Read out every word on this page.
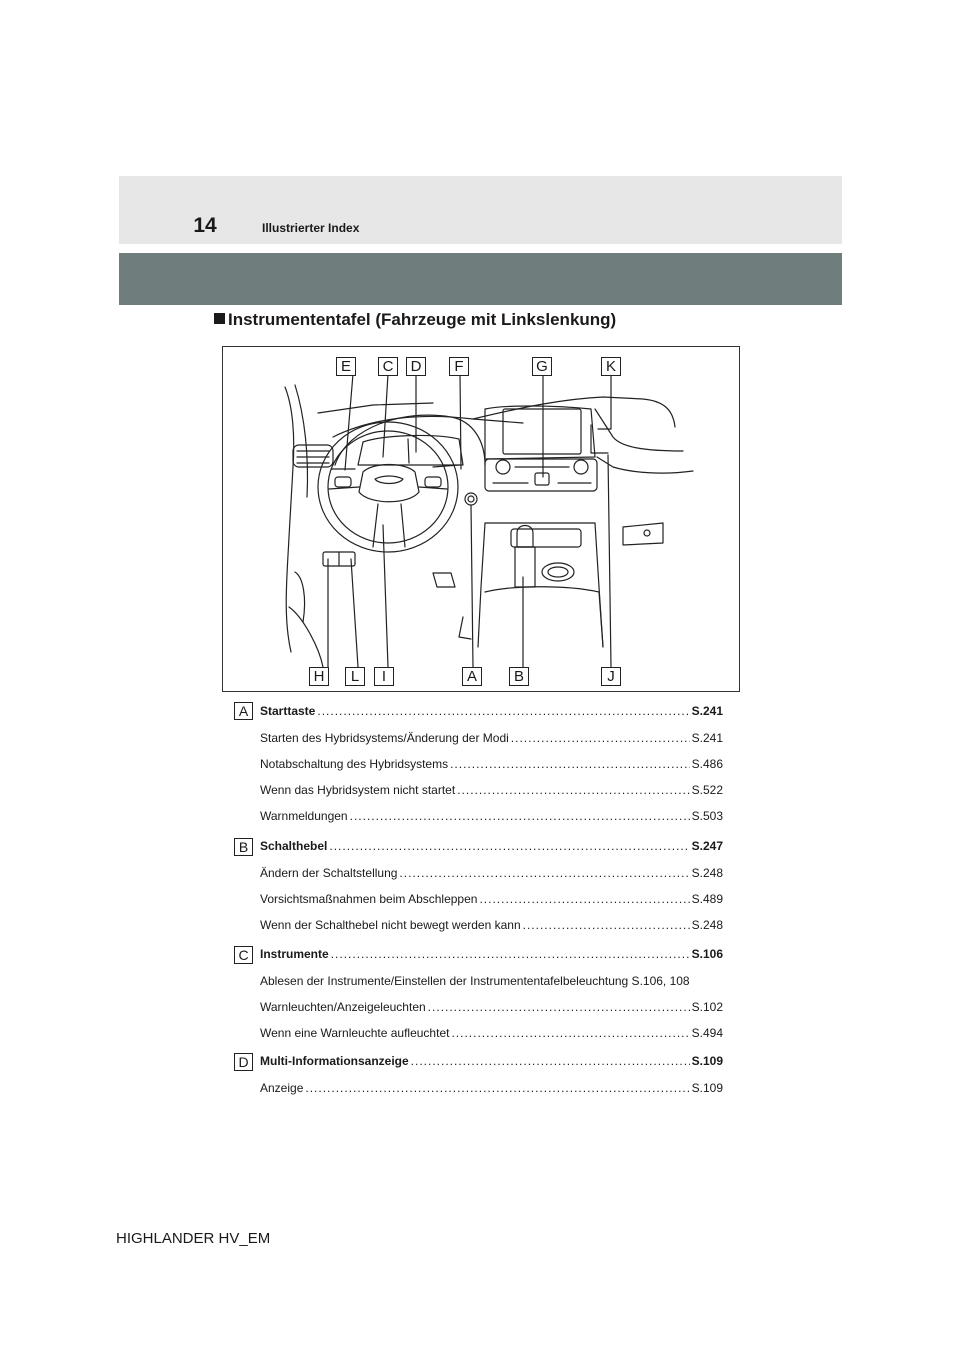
14	Illustrierter Index
Instrumententafel (Fahrzeuge mit Linkslenkung)
E	C	D	F	G	K
H	L	I	A	B	J
A Starttaste .....	S.241
Starten des Hybridsystems/Änderung der Modi .....	S.241
Notabschaltung des Hybridsystems .....	S.486
Wenn das Hybridsystem nicht startet .....	S.522
Warnmeldungen .....	S.503
B Schalthebel .....	S.247
Ändern der Schaltstellung .....	S.248
Vorsichtsmaßnahmen beim Abschleppen .....	S.489
Wenn der Schalthebel nicht bewegt werden kann .....	S.248
C Instrumente .....	S.106
Ablesen der Instrumente/Einstellen der Instrumententafelbeleuchtung S.106, 108
Warnleuchten/Anzeigeleuchten .....	S.102
Wenn eine Warnleuchte aufleuchtet .....	S.494
D Multi-Informationsanzeige .....	S.109
Anzeige .....	S.109
HIGHLANDER HV_EM
